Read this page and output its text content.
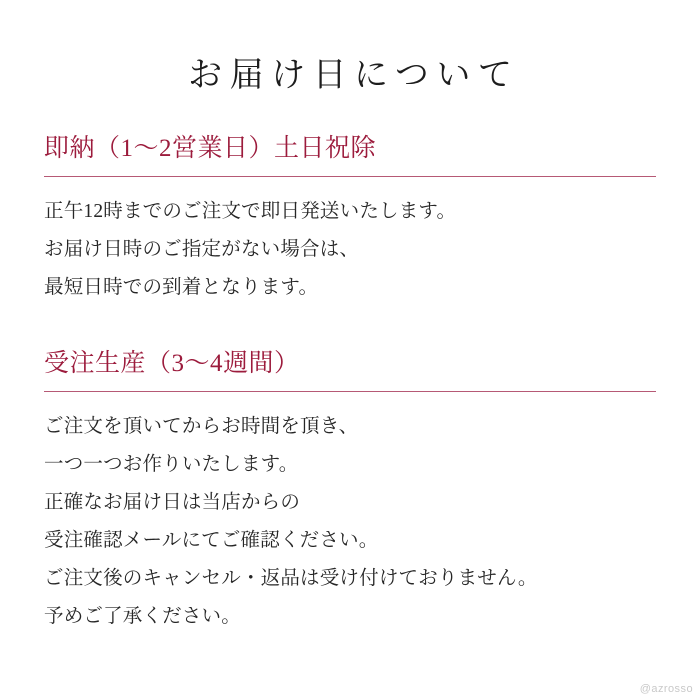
お届け日について
即納（1〜2営業日）土日祝除
正午12時までのご注文で即日発送いたします。
お届け日時のご指定がない場合は、
最短日時での到着となります。
受注生産（3〜4週間）
ご注文を頂いてからお時間を頂き、
一つ一つお作りいたします。
正確なお届け日は当店からの
受注確認メールにてご確認ください。
ご注文後のキャンセル・返品は受け付けておりません。
予めご了承ください。
@azrosso
